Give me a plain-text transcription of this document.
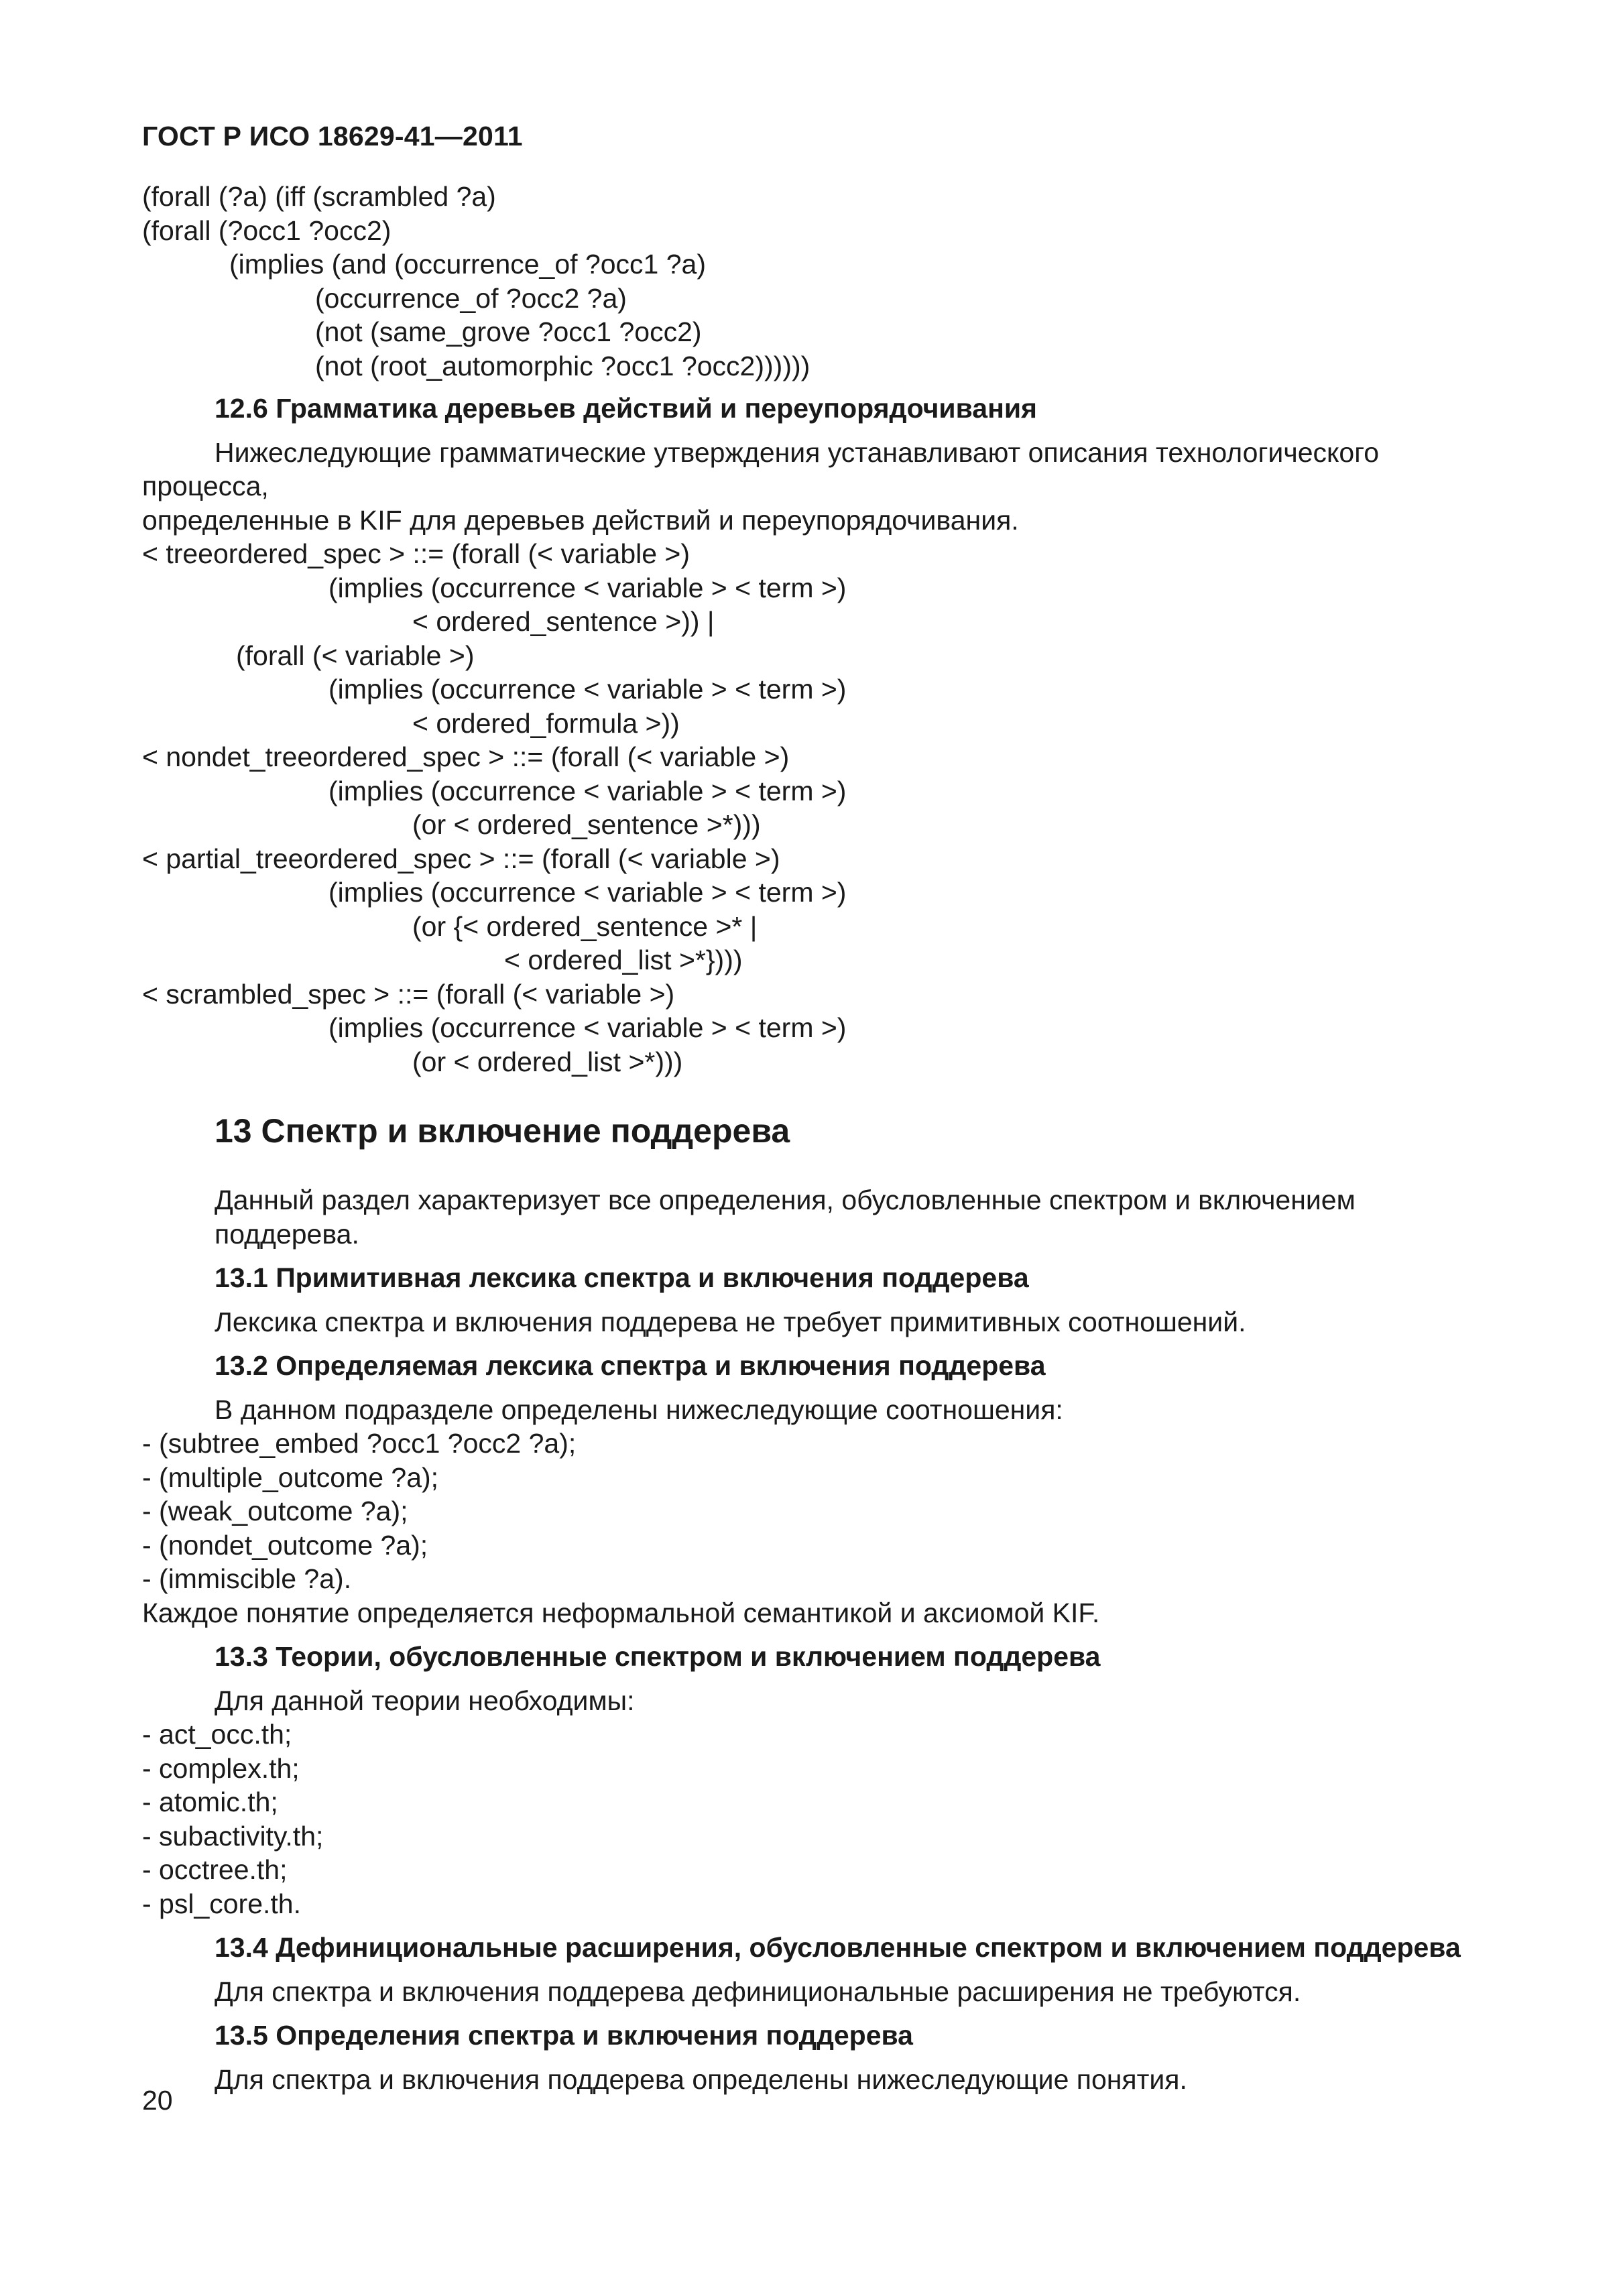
ГОСТ Р ИСО 18629-41—2011
(forall (?a) (iff (scrambled ?a)
(forall (?occ1 ?occ2)
(implies (and (occurrence_of ?occ1 ?a)
(occurrence_of ?occ2 ?a)
(not (same_grove ?occ1 ?occ2)
(not (root_automorphic ?occ1 ?occ2))))))
12.6 Грамматика деревьев действий и переупорядочивания
Нижеследующие грамматические утверждения устанавливают описания технологического процесса,
определенные в KIF для деревьев действий и переупорядочивания.
< treeordered_spec > ::= (forall (< variable >)
(implies (occurrence < variable > < term >)
< ordered_sentence >)) |
(forall (< variable >)
(implies (occurrence < variable > < term >)
< ordered_formula >))
< nondet_treeordered_spec > ::= (forall (< variable >)
(implies (occurrence < variable > < term >)
(or < ordered_sentence >*)))
< partial_treeordered_spec > ::= (forall (< variable >)
(implies (occurrence < variable > < term >)
(or {< ordered_sentence >* |
< ordered_list >*})))
< scrambled_spec > ::= (forall (< variable >)
(implies (occurrence < variable > < term >)
(or < ordered_list >*)))
13 Спектр и включение поддерева
Данный раздел характеризует все определения, обусловленные спектром и включением поддерева.
13.1 Примитивная лексика спектра и включения поддерева
Лексика спектра и включения поддерева не требует примитивных соотношений.
13.2 Определяемая лексика спектра и включения поддерева
В данном подразделе определены нижеследующие соотношения:
- (subtree_embed ?occ1 ?occ2 ?a);
- (multiple_outcome ?a);
- (weak_outcome ?a);
- (nondet_outcome ?a);
- (immiscible ?a).
Каждое понятие определяется неформальной семантикой и аксиомой KIF.
13.3 Теории, обусловленные спектром и включением поддерева
Для данной теории необходимы:
- act_occ.th;
- complex.th;
- atomic.th;
- subactivity.th;
- occtree.th;
- psl_core.th.
13.4 Дефинициональные расширения, обусловленные спектром и включением поддерева
Для спектра и включения поддерева дефинициональные расширения не требуются.
13.5 Определения спектра и включения поддерева
Для спектра и включения поддерева определены нижеследующие понятия.
20
